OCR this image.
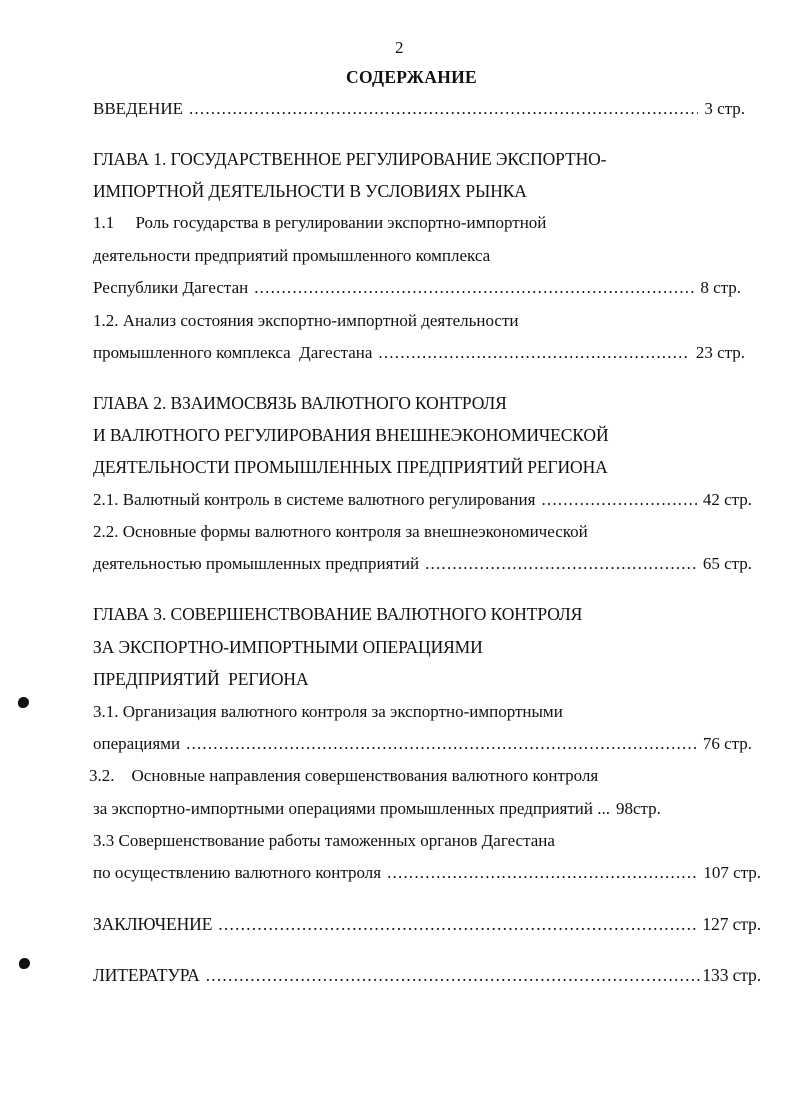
2
СОДЕРЖАНИЕ
ВВЕДЕНИЕ .....	3 стр.
ГЛАВА 1. ГОСУДАРСТВЕННОЕ РЕГУЛИРОВАНИЕ ЭКСПОРТНО-
ИМПОРТНОЙ ДЕЯТЕЛЬНОСТИ В УСЛОВИЯХ РЫНКА
1.1     Роль государства в регулировании экспортно-импортной
деятельности предприятий промышленного комплекса
Республики Дагестан .....	8 стр.
1.2. Анализ состояния экспортно-импортной деятельности
промышленного комплекса  Дагестана .....	23 стр.
ГЛАВА 2. ВЗАИМОСВЯЗЬ ВАЛЮТНОГО КОНТРОЛЯ
И ВАЛЮТНОГО РЕГУЛИРОВАНИЯ ВНЕШНЕЭКОНОМИЧЕСКОЙ
ДЕЯТЕЛЬНОСТИ ПРОМЫШЛЕННЫХ ПРЕДПРИЯТИЙ РЕГИОНА
2.1. Валютный контроль в системе валютного регулирования .....	42 стр.
2.2. Основные формы валютного контроля за внешнеэкономической
деятельностью промышленных предприятий .....	65 стр.
ГЛАВА 3. СОВЕРШЕНСТВОВАНИЕ ВАЛЮТНОГО КОНТРОЛЯ
ЗА ЭКСПОРТНО-ИМПОРТНЫМИ ОПЕРАЦИЯМИ
ПРЕДПРИЯТИЙ  РЕГИОНА
3.1. Организация валютного контроля за экспортно-импортными
операциями .....	76 стр.
3.2.    Основные направления совершенствования валютного контроля
за экспортно-импортными операциями промышленных предприятий ... 98стр.
3.3 Совершенствование работы таможенных органов Дагестана
по осуществлению валютного контроля .....	107 стр.
ЗАКЛЮЧЕНИЕ .....	127 стр.
ЛИТЕРАТУРА .....	133 стр.
